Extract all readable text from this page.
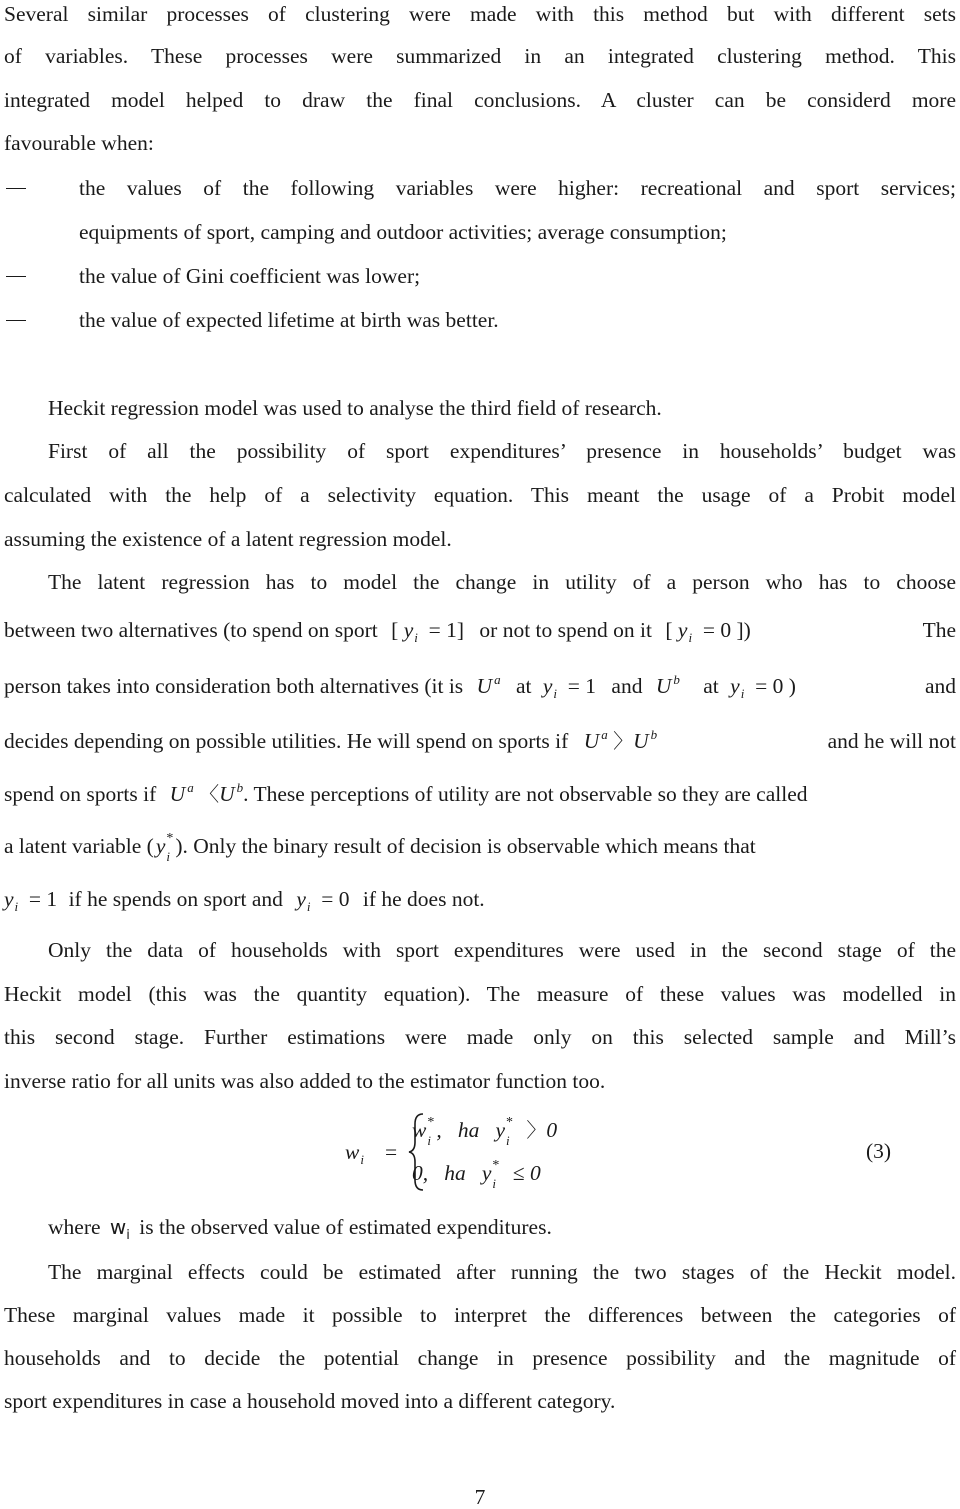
Several similar processes of clustering were made with this method but with different sets
of variables. These processes were summarized in an integrated clustering method. This
integrated model helped to draw the final conclusions. A cluster can be considerd more
favourable when:
the values of the following variables were higher: recreational and sport services;
equipments of sport, camping and outdoor activities; average consumption;
the value of Gini coefficient was lower;
the value of expected lifetime at birth was better.
Heckit regression model was used to analyse the third field of research.
First of all the possibility of sport expenditures’ presence in households’ budget was
calculated with the help of a selectivity equation. This meant the usage of a Probit model
assuming the existence of a latent regression model.
The latent regression has to model the change in utility of a person who has to choose
between two alternatives (to spend on sport [ $y_i = 1$] or not to spend on it [ $y_i = 0$ ])	The
person takes into consideration both alternatives (it is U $^a$ at $y_i = 1$ and U $^b$ at $y_i = 0$ )	and
decides depending on possible utilities. He will spend on sports if U $^a$ 〉U $^b$	and he will not
spend on sports if U $^a$ 〈U $^b$. These perceptions of utility are not observable so they are called
a latent variable (y *
i ). Only the binary result of decision is observable which means that
$y_i = 1$ if he spends on sport and $y_i = 0$ if he does not.
Only the data of households with sport expenditures were used in the second stage of the
Heckit model (this was the quantity equation). The measure of these values was modelled in
this second stage. Further estimations were made only on this selected sample and Mill’s
inverse ratio for all units was also added to the estimator function too.
$w_i$ =
w *
i ,   ha   y *
i 〉0
0,   ha   y *
i ≤ 0
(3)
where $w_i$ is the observed value of estimated expenditures.
The marginal effects could be estimated after running the two stages of the Heckit model.
These marginal values made it possible to interpret the differences between the categories of
households and to decide the potential change in presence possibility and the magnitude of
sport expenditures in case a household moved into a different category.
7
